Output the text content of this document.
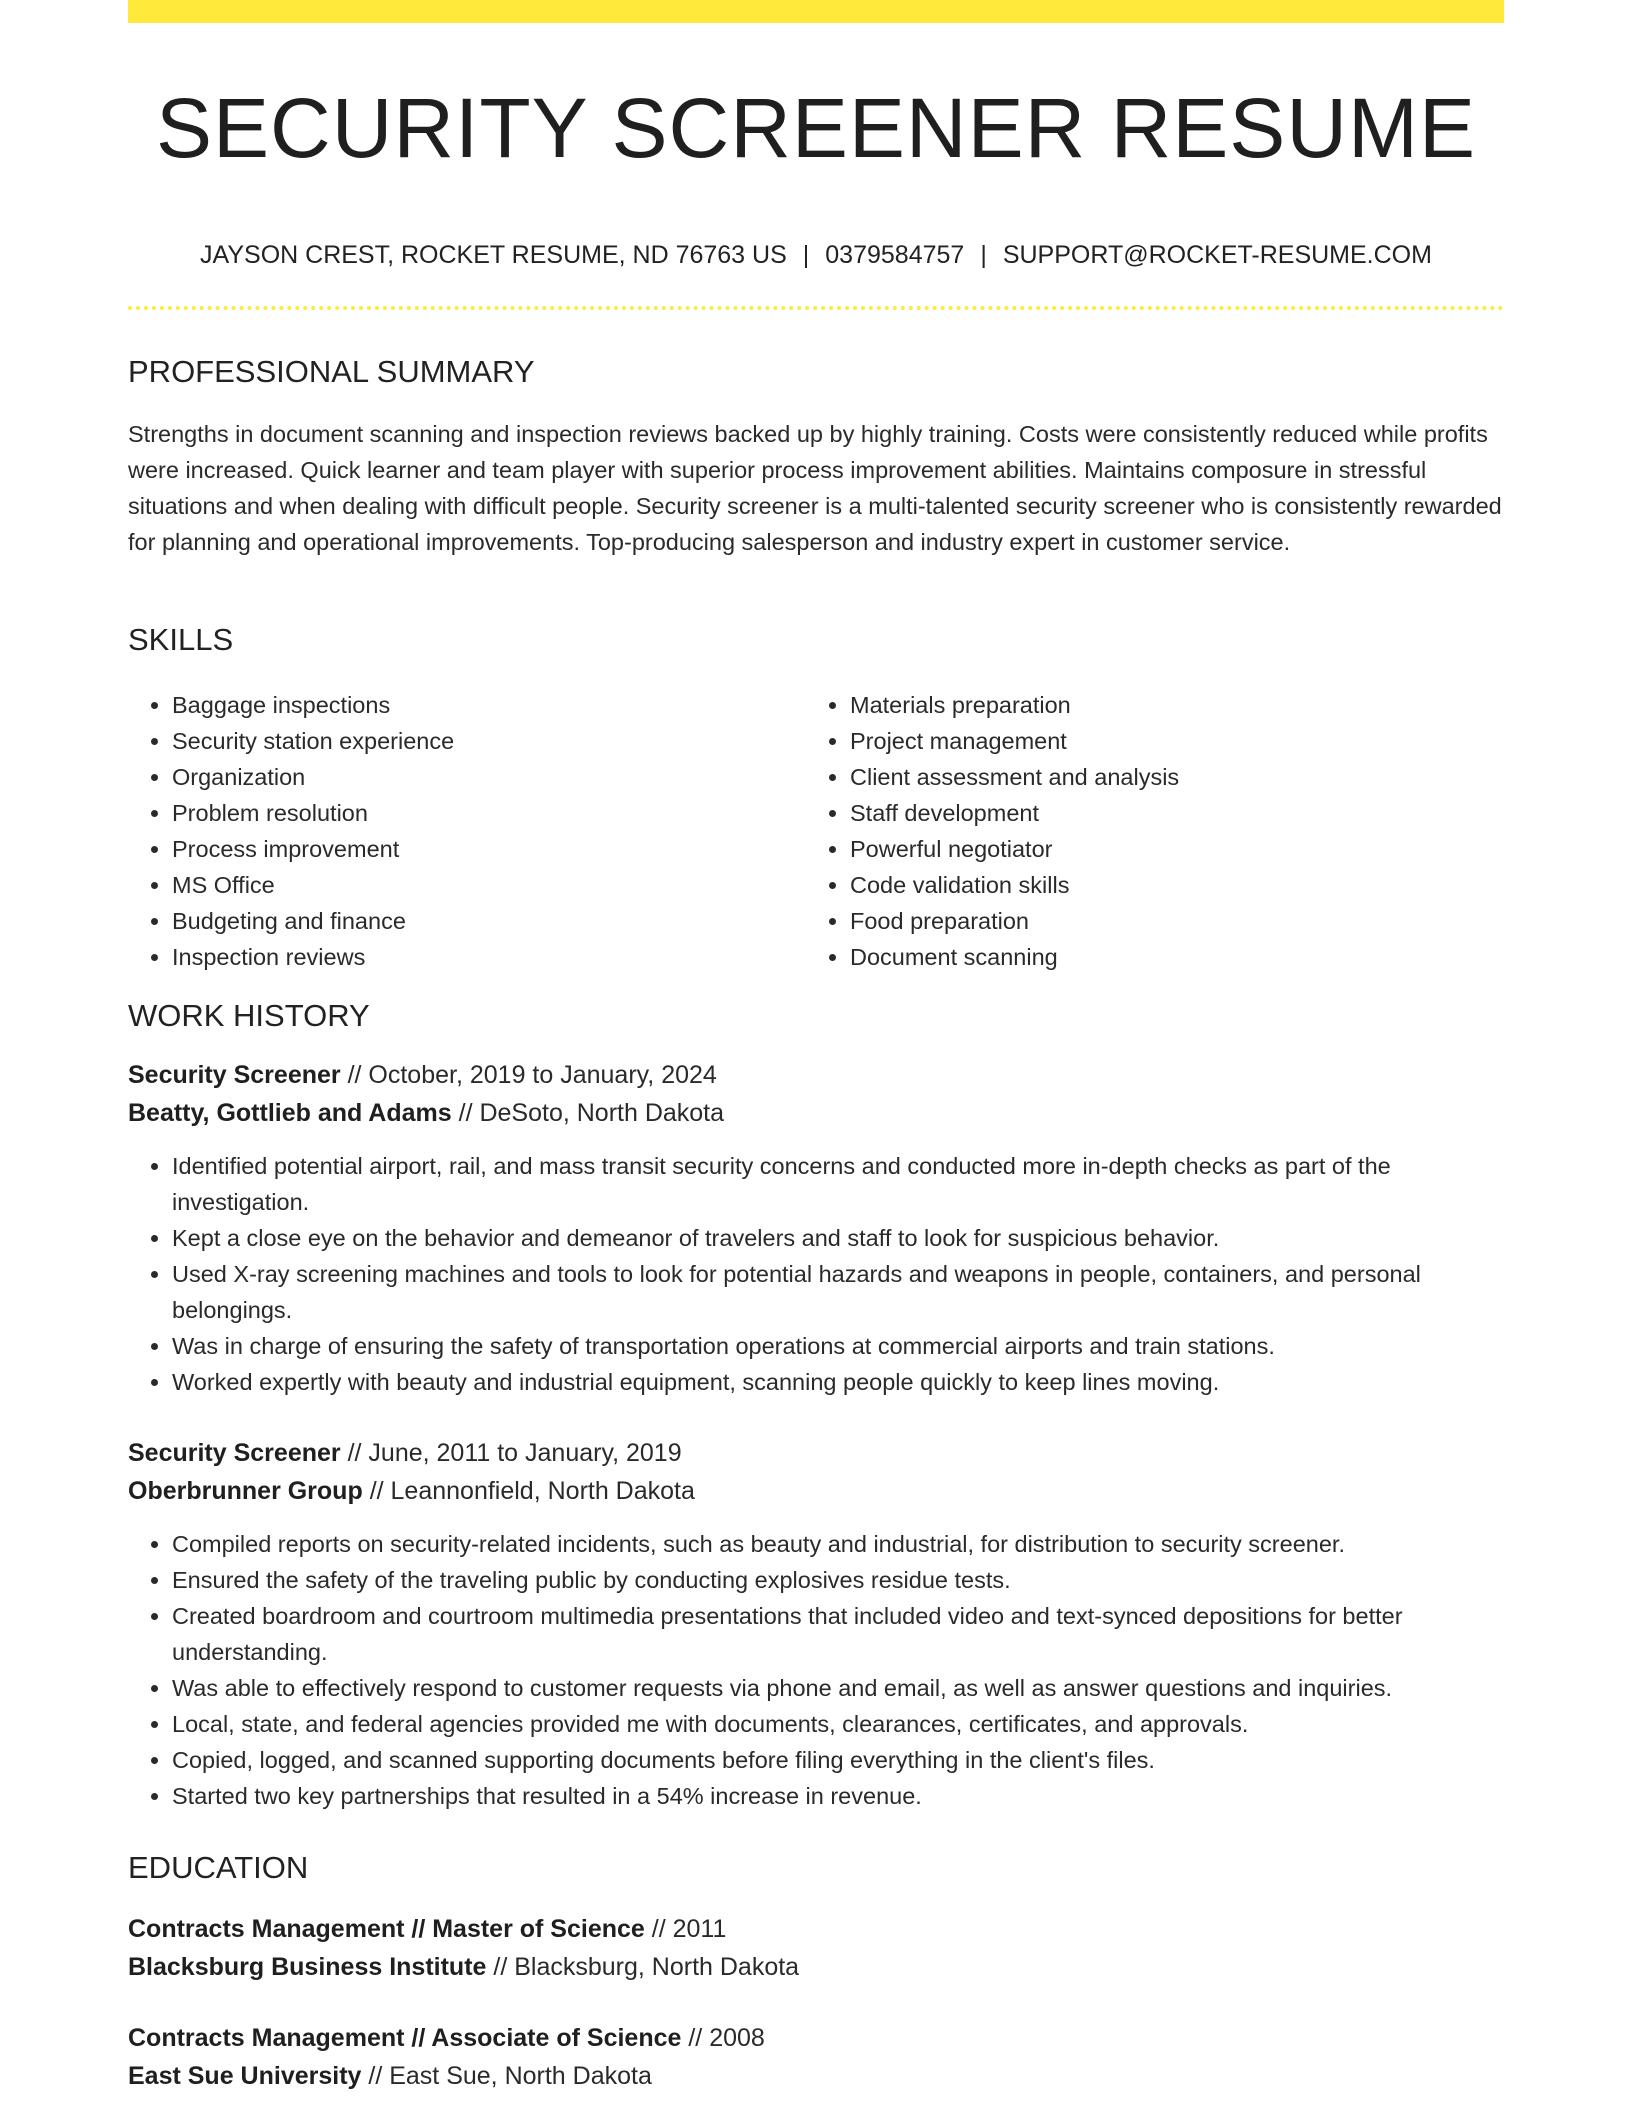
SECURITY SCREENER RESUME
JAYSON CREST, ROCKET RESUME, ND 76763 US | 0379584757 | SUPPORT@ROCKET-RESUME.COM
PROFESSIONAL SUMMARY

Strengths in document scanning and inspection reviews backed up by highly training. Costs were consistently reduced while profits were increased. Quick learner and team player with superior process improvement abilities. Maintains composure in stressful situations and when dealing with difficult people. Security screener is a multi-talented security screener who is consistently rewarded for planning and operational improvements. Top-producing salesperson and industry expert in customer service.

SKILLS
• Baggage inspections
• Security station experience
• Organization
• Problem resolution
• Process improvement
• MS Office
• Budgeting and finance
• Inspection reviews
• Materials preparation
• Project management
• Client assessment and analysis
• Staff development
• Powerful negotiator
• Code validation skills
• Food preparation
• Document scanning
WORK HISTORY
Security Screener // October, 2019 to January, 2024
Beatty, Gottlieb and Adams // DeSoto, North Dakota
• Identified potential airport, rail, and mass transit security concerns and conducted more in-depth checks as part of the investigation.
• Kept a close eye on the behavior and demeanor of travelers and staff to look for suspicious behavior.
• Used X-ray screening machines and tools to look for potential hazards and weapons in people, containers, and personal belongings.
• Was in charge of ensuring the safety of transportation operations at commercial airports and train stations.
• Worked expertly with beauty and industrial equipment, scanning people quickly to keep lines moving.
Security Screener // June, 2011 to January, 2019
Oberbrunner Group // Leannonfield, North Dakota
• Compiled reports on security-related incidents, such as beauty and industrial, for distribution to security screener.
• Ensured the safety of the traveling public by conducting explosives residue tests.
• Created boardroom and courtroom multimedia presentations that included video and text-synced depositions for better understanding.
• Was able to effectively respond to customer requests via phone and email, as well as answer questions and inquiries.
• Local, state, and federal agencies provided me with documents, clearances, certificates, and approvals.
• Copied, logged, and scanned supporting documents before filing everything in the client's files.
• Started two key partnerships that resulted in a 54% increase in revenue.
EDUCATION
Contracts Management // Master of Science // 2011
Blacksburg Business Institute // Blacksburg, North Dakota
Contracts Management // Associate of Science // 2008
East Sue University // East Sue, North Dakota
